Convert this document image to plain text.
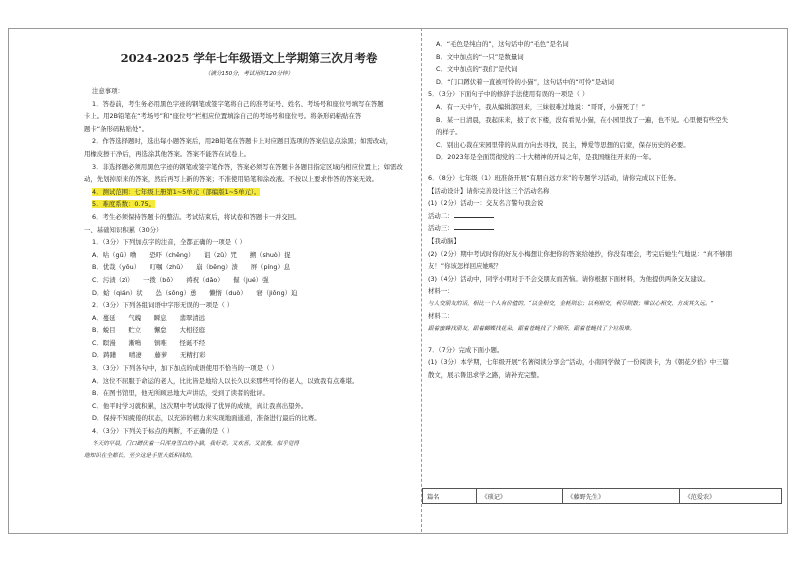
2024-2025 学年七年级语文上学期第三次月考卷
（满分150分，考试用时120分钟）
注意事项：
1．答卷前，考生务必用黑色字迹的钢笔或签字笔将自己的准考证号、姓名、考场号和座位号填写在答题
卡上。用2B铅笔在“考场号”和“座位号”栏相应位置填涂自己的考场号和座位号。将条形码粘贴在答
题卡“条形码粘贴处”。
2．作答选择题时，选出每小题答案后，用2B铅笔在答题卡上对应题目选项的答案信息点涂黑；如需改动，
用橡皮擦干净后，再选涂其他答案。答案不能答在试卷上。
3．非选择题必须用黑色字迹的钢笔或签字笔作答，答案必须写在答题卡各题目指定区域内相应位置上；如需改
动，先划掉原来的答案，然后再写上新的答案；不准使用铅笔和涂改液。不按以上要求作答的答案无效。
4．测试范围：七年级上册第1~5单元（部编版1~5单元）。
5．难度系数：0.75。
6．考生必须保持答题卡的整洁。考试结束后，将试卷和答题卡一并交回。
一、基础知识积累（30分）
1．（3分）下列加点字的注音，全都正确的一项是（ ）
A．咕（gū）噜　　恐吓（chěng）　　诅（zǔ）咒　　搠（shuò）捉
B．优哉（yōu）　　叮嘱（zhǔ）　　崩（bēng）溃　　屏（píng）息
C．污渍（zì）　　一拨（bō）　　祷祝（dǎo）　　倔（jué）强
D．蛤（qián）状　　怂（sǒng）恿　　懒惰（duò）　　窘（jiǒng）迫
2．（3分）下列各组词语中字形无误的一项是（ ）
A．蔓延　　气魄　　瞬息　　翡翠清远
B．蜕目　　贮立　　懈怠　　大相径庭
C．瞑漫　　漸鳴　　镇唯　　怪诞不经
D．踌躇　　晴凄　　藤萝　　无精打彩
3．（3分）下列各句中，加下加点的成语使用不恰当的一项是（ ）
A．这位不屈服于命运的老人，比比皆是地给人以长久以来那些可怜的老人，以致我有点难堪。
B．在图书馆里，他无所顾忌地大声讲话，受到了读者的批评。
C．他平时学习就积累，这次期中考试取得了优异的成绩，真让我喜出望外。
D．保持不知疲倦的状态，以充沛的精力来实现地面通道，准备进行最后的比赛。
4．（3分）下列关于标点的判断，不正确的是（ ）
冬天的早晨，门口蹲伏着一只浑身雪白的小猫，我好奇。又欢喜。又犹豫，似乎觉得
地知识在全都长，至少这是手里大抵积钱的。
A．“毛色是纯白的”，这句话中的“毛色”是名词
B．文中加点的“一只”是数量词
C．文中加点的“我们”是代词
D．“门口蹲伏着一直被可怜的小猫”，这句话中的“可怜”是动词
5．（3分）下面句子中的修辞手法使用有误的一项是（ ）
A．有一天中午，我从编辑部回来，三妹很难过地说：“哥哥，小猫死了！”
B．某一日清晨，我起床来，披了衣下楼，没有看见小猫，在小园里找了一遍，也不见。心里便有些空失
的样子。
C．别出心裁在宋园里带的从而方向去寻找，民主，博爱等思想的启蒙，保存历史的必要。
D．2023年是全面贯彻党的二十大精神的开局之年，是我国继往开来的一年。
6．（8分）七年级（1）班准备开展“有朋自远方来”的专题学习活动，请你完成以下任务。
【活动设计】请你完善设计这三个活动名称
(1)（2分）活动一：交友名言警句我会说
活动二：
活动三：
【我动脑】
(2)（2分）期中考试时你的好友小梅想让你把你的答案给她抄，你没有理会，考完后她生气地说：“真不够朋
友！”你该怎样回应她呢？
(3)（4分）活动中，同学小明对于不会交朋友而苦恼。请你根据下面材料，为他提供两条交友建议。
材料一：
与人交朋友的话，相比一个人有价值的，“以金相交，金耗则忘；以利相交，利尽则散；唯以心相交，方成其久远。”
材料二：
跟着蜜蜂找朋友，跟着蝴蝶找花朵，跟着苍蝇找了个厕所，跟着苍蝇找了个垃圾堆。
7．（7分）完成下面小题。
(1)（3分）本学期，七年级开展“名著阅读分享会”活动，小南同学做了一份阅读卡，为《朝花夕拾》中三篇
散文，展示鲁迅求学之路，请补充完整。
篇名	《琐记》	《藤野先生》	《范爱农》
